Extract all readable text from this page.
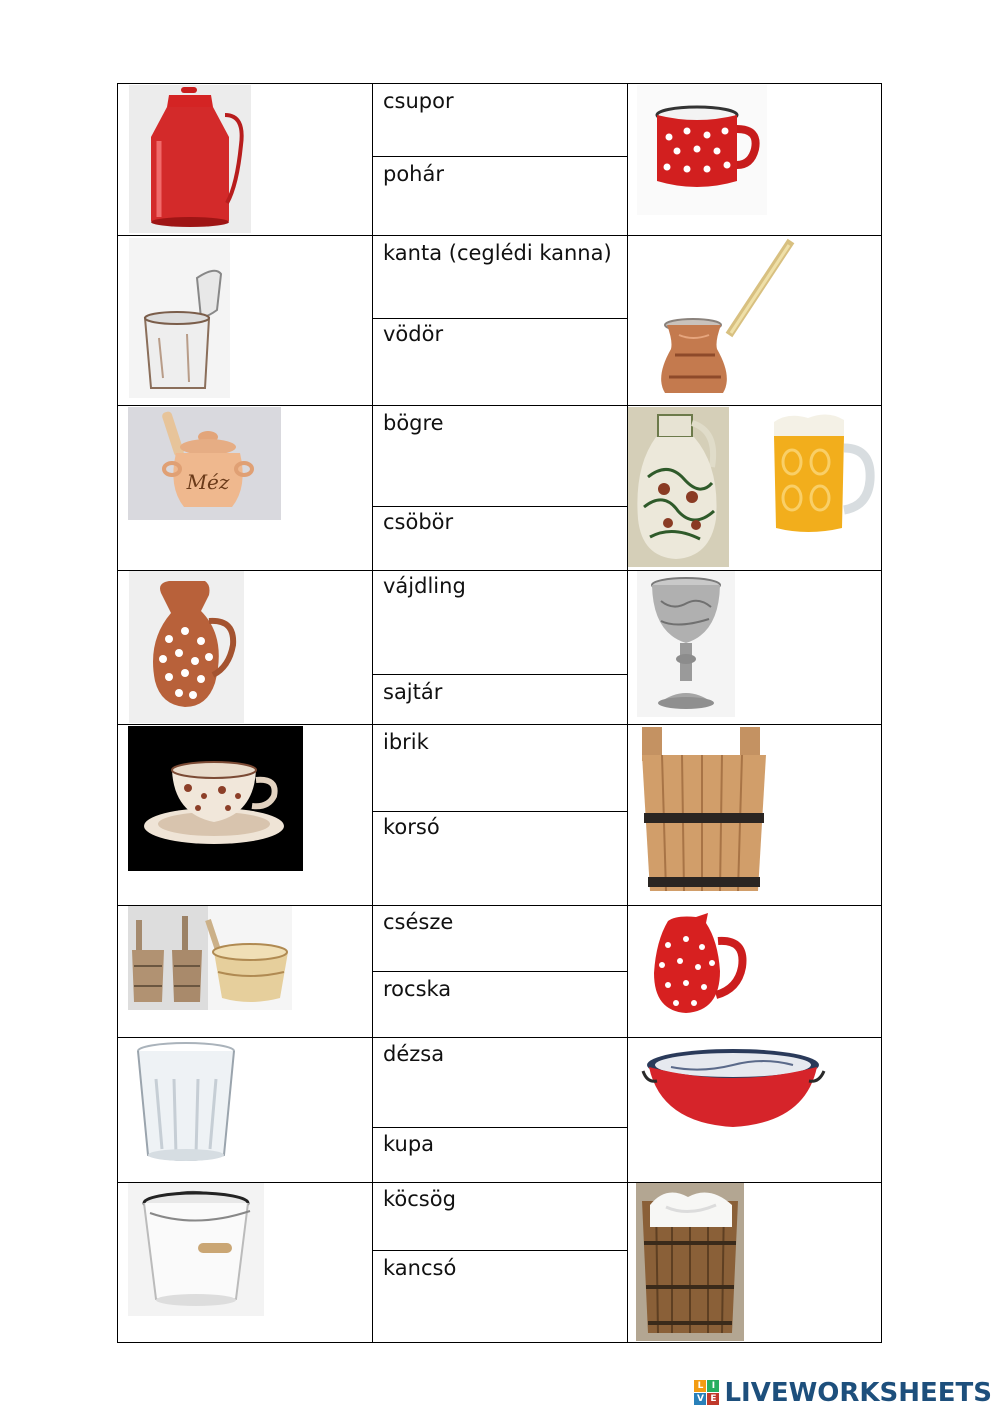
csupor
pohár
kanta (ceglédi kanna)
vödör
bögre
csöbör
vájdling
sajtár
ibrik
korsó
csésze
rocska
dézsa
kupa
köcsög
kancsó
Méz
L I
V E LIVEWORKSHEETS
